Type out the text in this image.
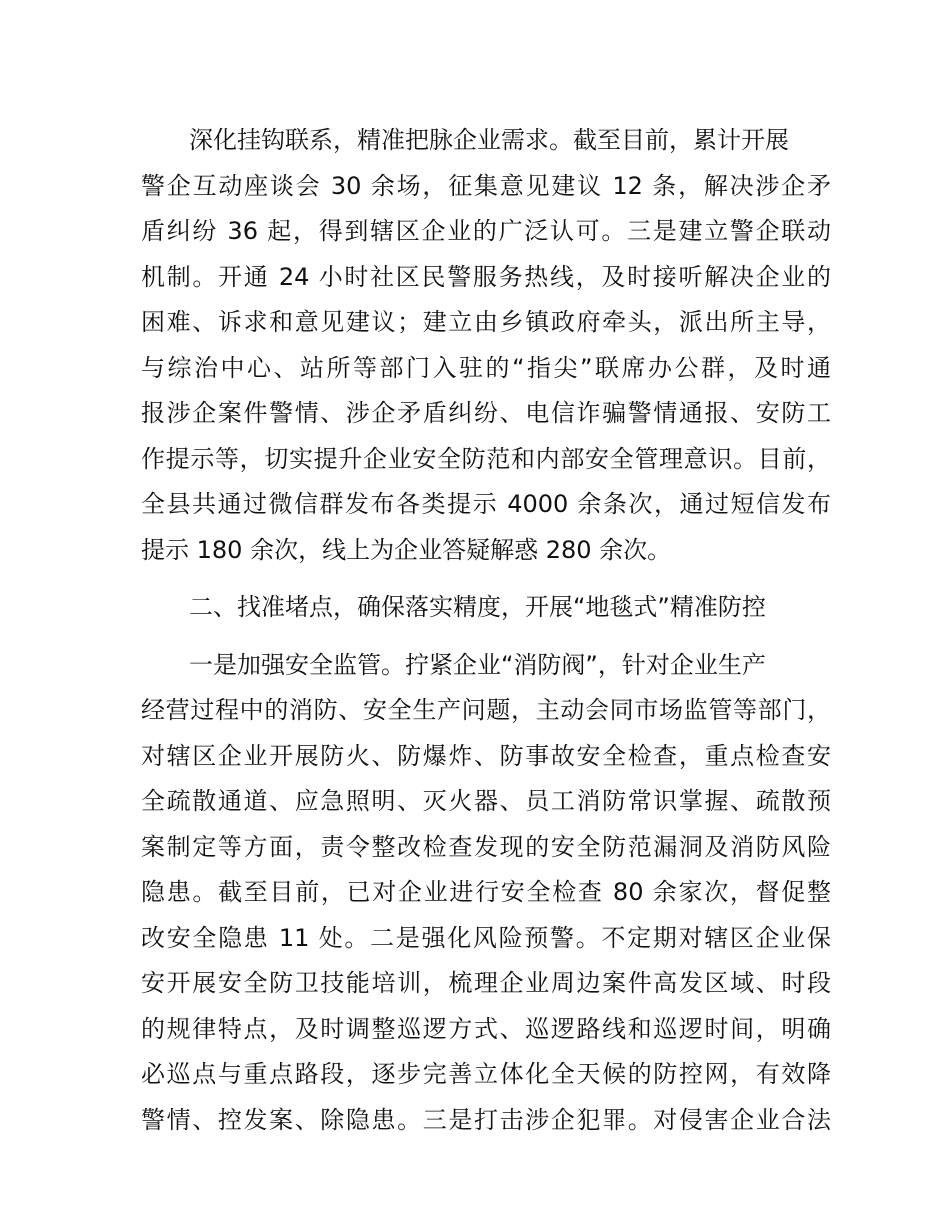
深化挂钩联系，精准把脉企业需求。截至目前，累计开展
警企互动座谈会 30 余场，征集意见建议 12 条，解决涉企矛
盾纠纷 36 起，得到辖区企业的广泛认可。三是建立警企联动
机制。开通 24 小时社区民警服务热线，及时接听解决企业的
困难、诉求和意见建议；建立由乡镇政府牵头，派出所主导，
与综治中心、站所等部门入驻的“指尖”联席办公群，及时通
报涉企案件警情、涉企矛盾纠纷、电信诈骗警情通报、安防工
作提示等，切实提升企业安全防范和内部安全管理意识。目前，
全县共通过微信群发布各类提示 4000 余条次，通过短信发布
提示 180 余次，线上为企业答疑解惑 280 余次。
二、找准堵点，确保落实精度，开展“地毯式”精准防控
一是加强安全监管。拧紧企业“消防阀”，针对企业生产
经营过程中的消防、安全生产问题，主动会同市场监管等部门，
对辖区企业开展防火、防爆炸、防事故安全检查，重点检查安
全疏散通道、应急照明、灭火器、员工消防常识掌握、疏散预
案制定等方面，责令整改检查发现的安全防范漏洞及消防风险
隐患。截至目前，已对企业进行安全检查 80 余家次，督促整
改安全隐患 11 处。二是强化风险预警。不定期对辖区企业保
安开展安全防卫技能培训，梳理企业周边案件高发区域、时段
的规律特点，及时调整巡逻方式、巡逻路线和巡逻时间，明确
必巡点与重点路段，逐步完善立体化全天候的防控网，有效降
警情、控发案、除隐患。三是打击涉企犯罪。对侵害企业合法
